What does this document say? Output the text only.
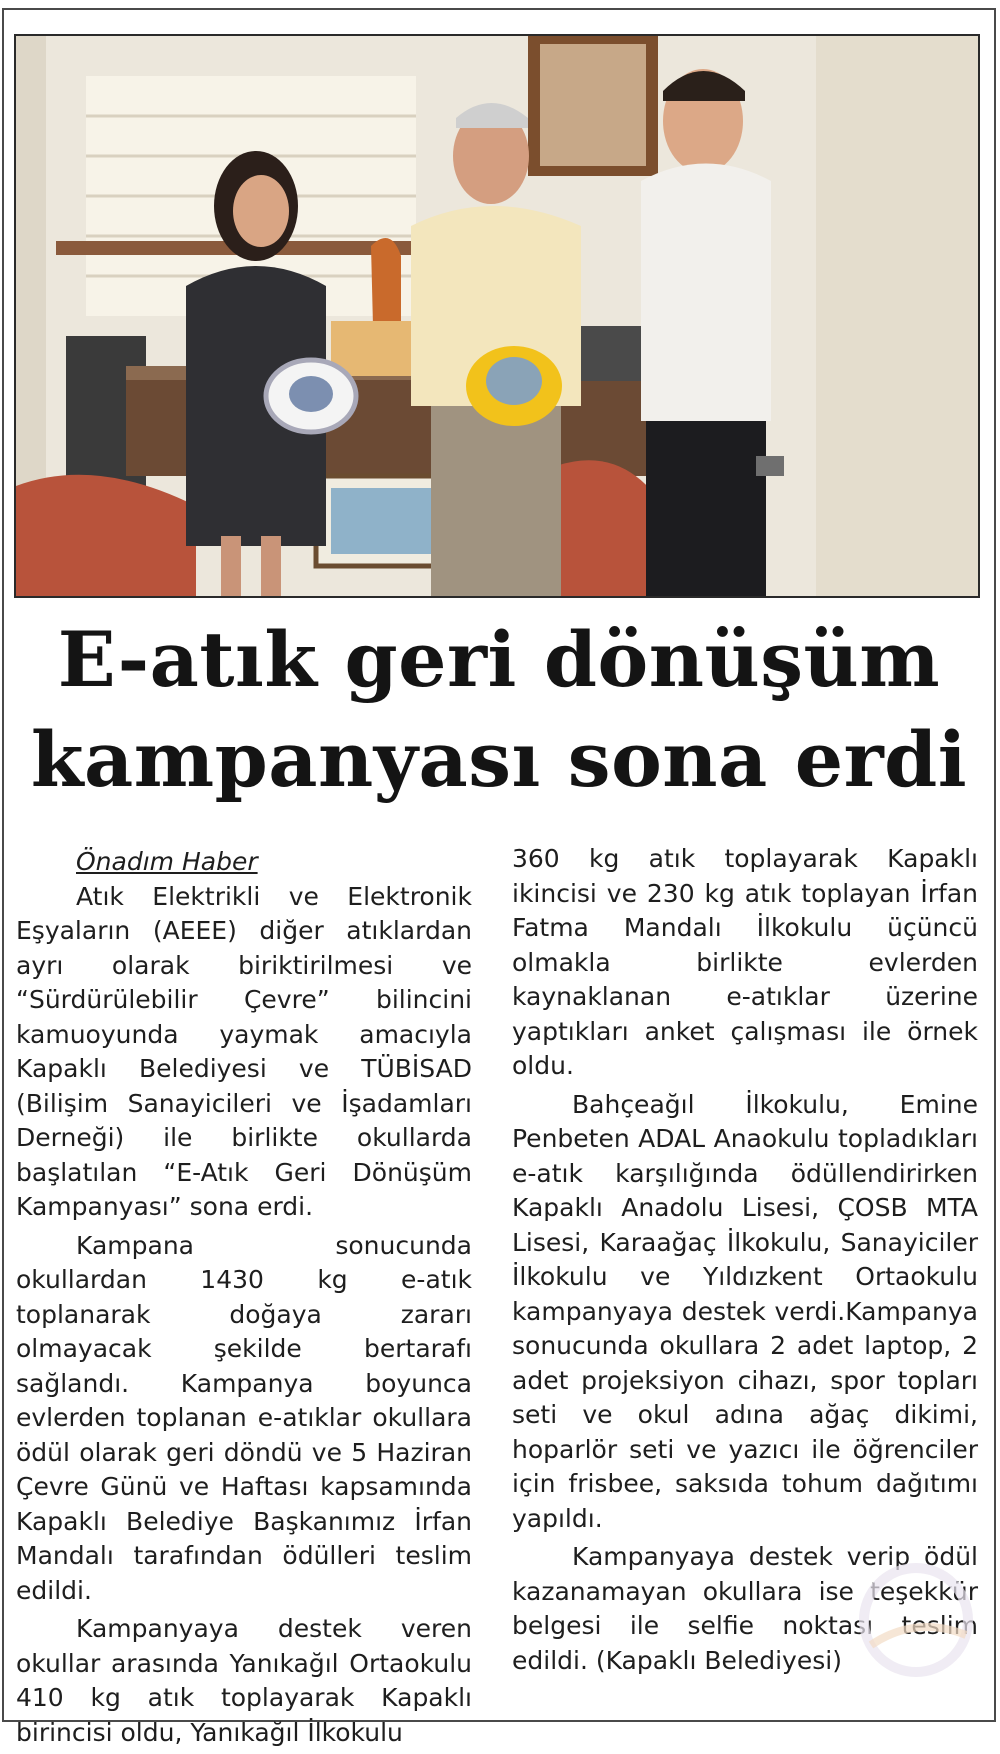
E-atık geri dönüşüm
kampanyası sona erdi
Önadım Haber

Atık Elektrikli ve Elektronik Eşyaların (AEEE) diğer atıklardan ayrı olarak biriktirilmesi ve “Sürdürülebilir Çevre” bilincini kamuoyunda yaymak amacıyla Kapaklı Belediyesi ve TÜBİSAD (Bilişim Sanayicileri ve İşadamları Derneği) ile birlikte okullarda başlatılan “E-Atık Geri Dönüşüm Kampanyası” sona erdi.

Kampana sonucunda okullardan 1430 kg e-atık toplanarak doğaya zararı olmayacak şekilde bertarafı sağlandı. Kampanya boyunca evlerden toplanan e-atıklar okullara ödül olarak geri döndü ve 5 Haziran Çevre Günü ve Haftası kapsamında Kapaklı Belediye Başkanımız İrfan Mandalı tarafından ödülleri teslim edildi.

Kampanyaya destek veren okullar arasında Yanıkağıl Ortaokulu 410 kg atık toplayarak Kapaklı birincisi oldu, Yanıkağıl İlkokulu

360 kg atık toplayarak Kapaklı ikincisi ve 230 kg atık toplayan İrfan Fatma Mandalı İlkokulu üçüncü olmakla birlikte evlerden kaynaklanan e-atıklar üzerine yaptıkları anket çalışması ile örnek oldu.

Bahçeağıl İlkokulu, Emine Penbeten ADAL Anaokulu topladıkları e-atık karşılığında ödüllendirirken Kapaklı Anadolu Lisesi, ÇOSB MTA Lisesi, Karaağaç İlkokulu, Sanayiciler İlkokulu ve Yıldızkent Ortaokulu kampanyaya destek verdi.Kampanya sonucunda okullara 2 adet laptop, 2 adet projeksiyon cihazı, spor topları seti ve okul adına ağaç dikimi, hoparlör seti ve yazıcı ile öğrenciler için frisbee, saksıda tohum dağıtımı yapıldı.

Kampanyaya destek verip ödül kazanamayan okullara ise teşekkür belgesi ile selfie noktası teslim edildi. (Kapaklı Belediyesi)
